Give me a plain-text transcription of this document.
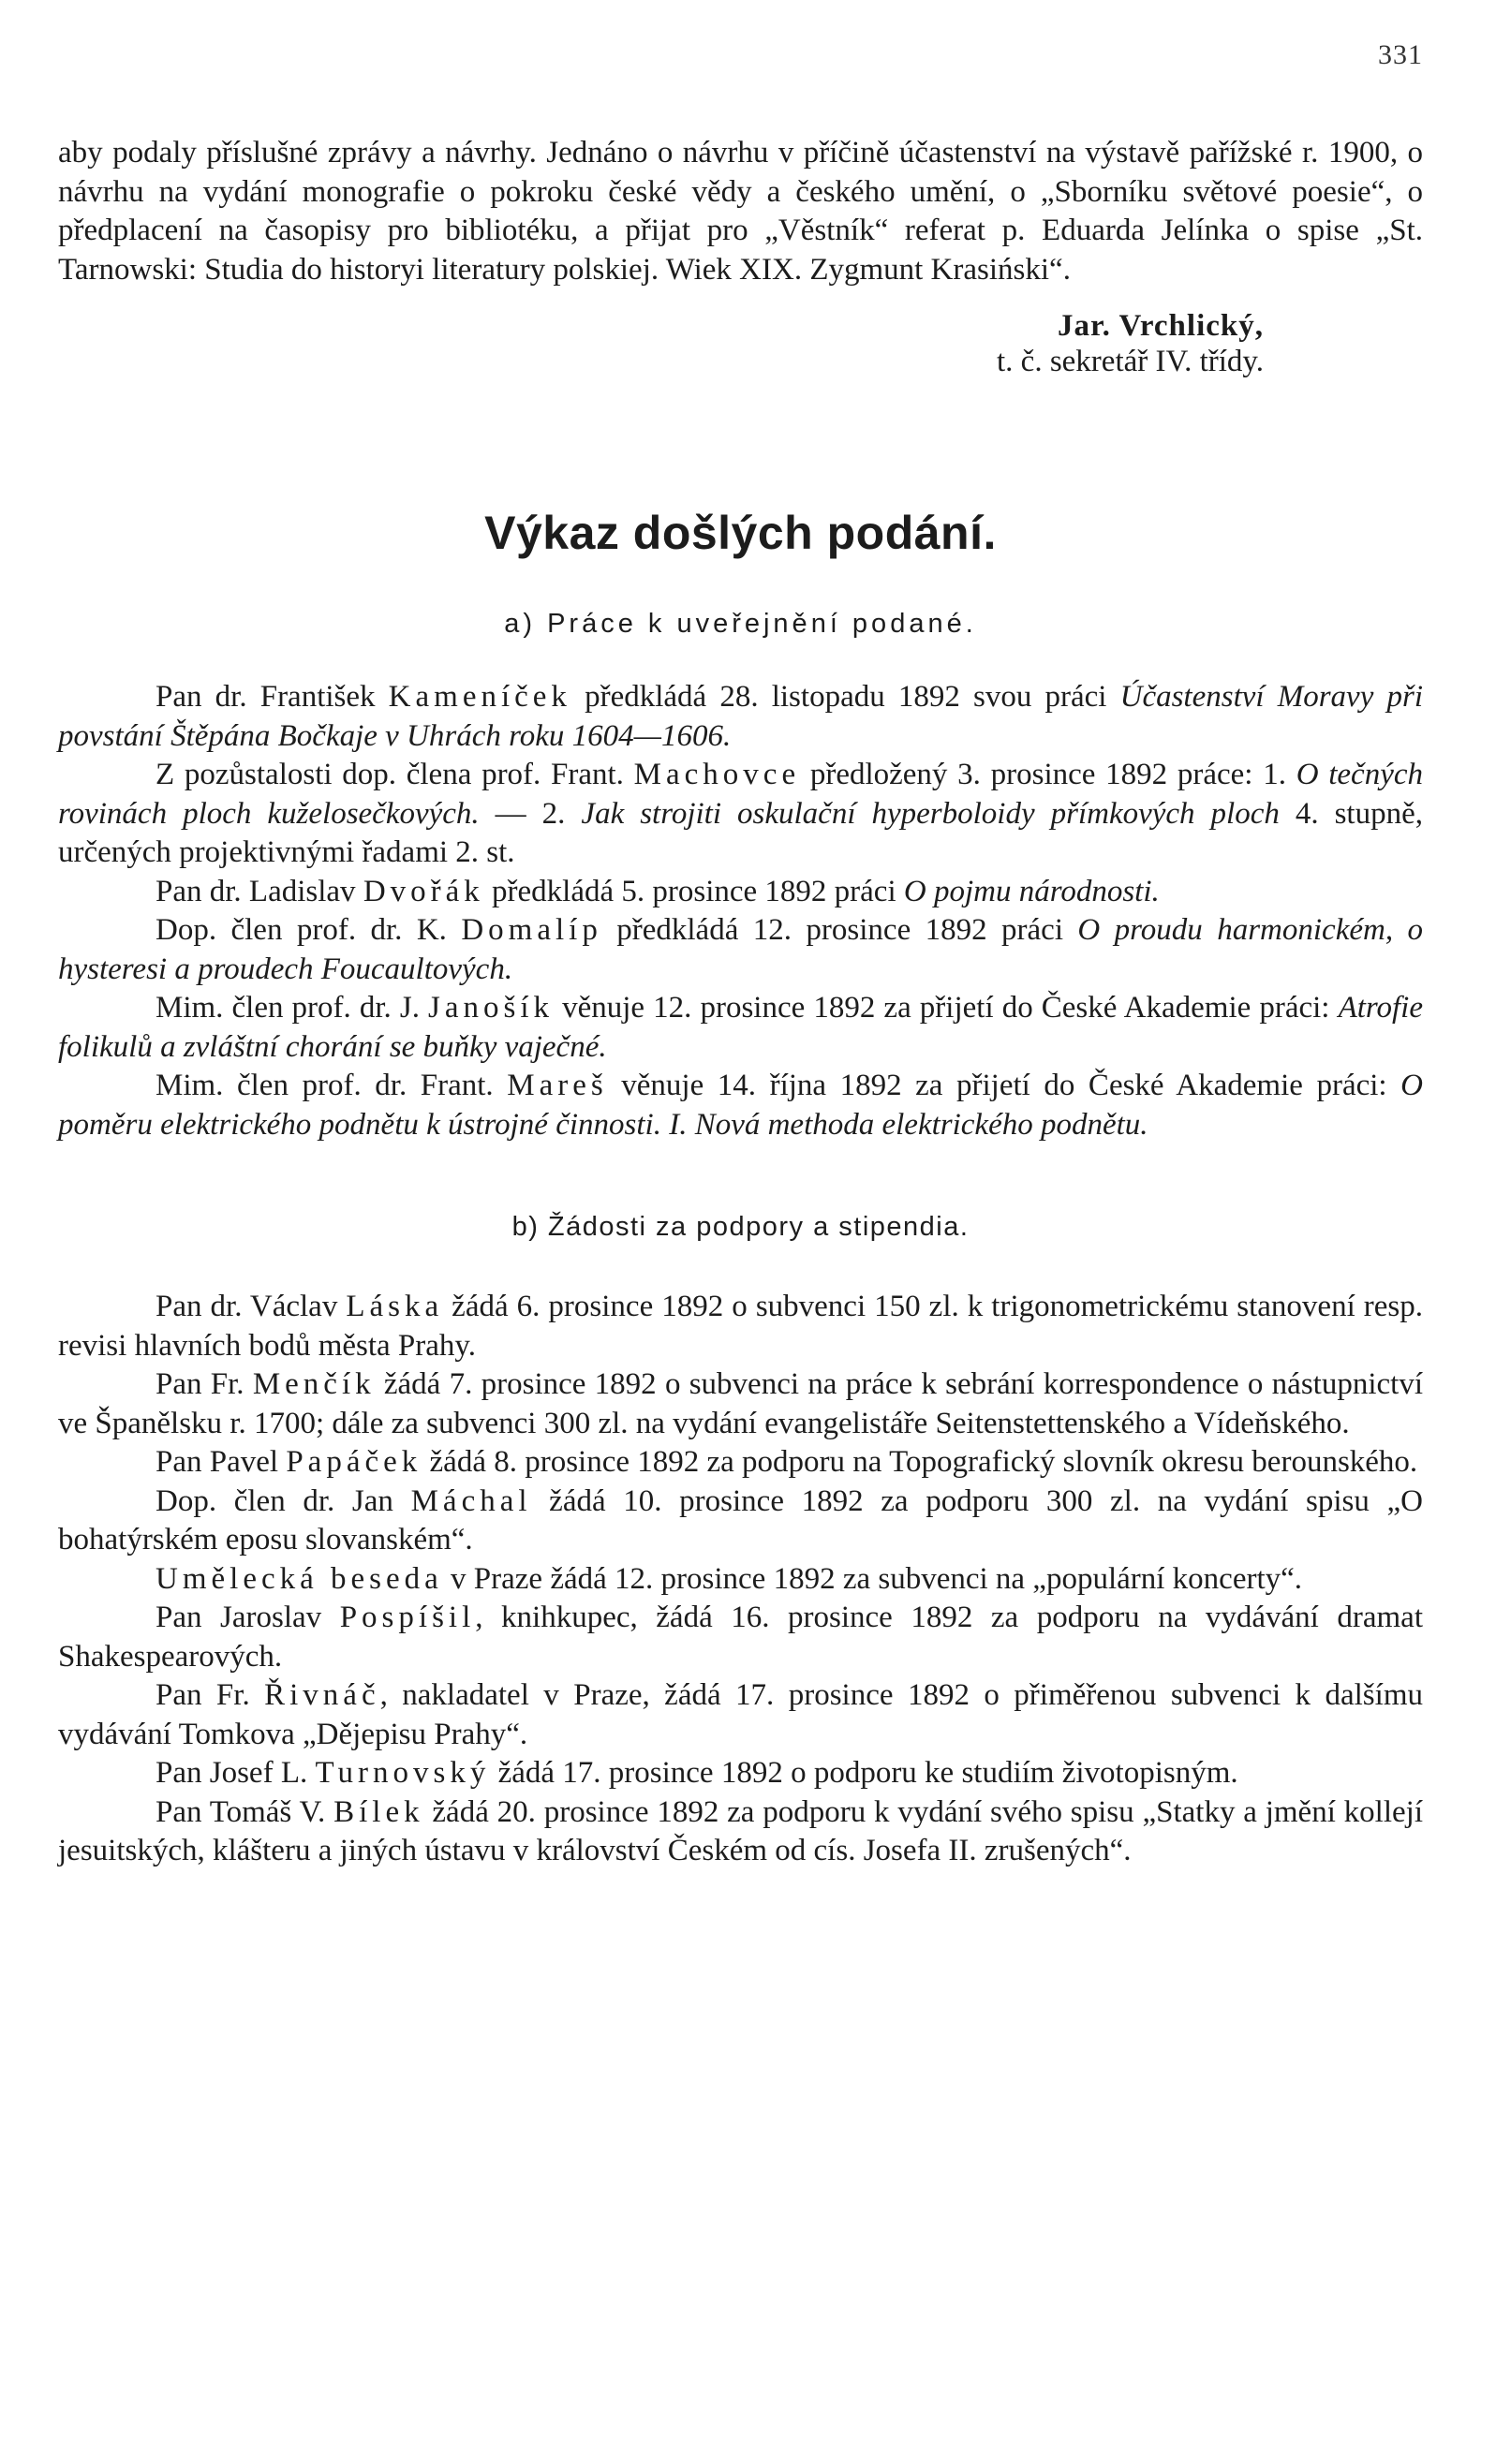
331

aby podaly příslušné zprávy a návrhy. Jednáno o návrhu v příčině účastenství na výstavě pařížské r. 1900, o návrhu na vydání monografie o pokroku české vědy a českého umění, o „Sborníku světové poesie“, o předplacení na časopisy pro bibliotéku, a přijat pro „Věstník“ referat p. Eduarda Jelínka o spise „St. Tarnowski: Studia do historyi literatury polskiej. Wiek XIX. Zygmunt Krasiński“.

Jar. Vrchlický,
t. č. sekretář IV. třídy.
Výkaz došlých podání.
a) Práce k uveřejnění podané.

Pan dr. František Kameníček předkládá 28. listopadu 1892 svou práci Účastenství Moravy při povstání Štěpána Bočkaje v Uhrách roku 1604—1606.

Z pozůstalosti dop. člena prof. Frant. Machovce předložený 3. prosince 1892 práce: 1. O tečných rovinách ploch kuželosečkových. — 2. Jak strojiti oskulační hyperboloidy přímkových ploch 4. stupně, určených projektivnými řadami 2. st.

Pan dr. Ladislav Dvořák předkládá 5. prosince 1892 práci O pojmu národnosti.

Dop. člen prof. dr. K. Domalíp předkládá 12. prosince 1892 práci O proudu harmonickém, o hysteresi a proudech Foucaultových.

Mim. člen prof. dr. J. Janošík věnuje 12. prosince 1892 za přijetí do České Akademie práci: Atrofie folikulů a zvláštní chorání se buňky vaječné.

Mim. člen prof. dr. Frant. Mareš věnuje 14. října 1892 za přijetí do České Akademie práci: O poměru elektrického podnětu k ústrojné činnosti. I. Nová methoda elektrického podnětu.

b) Žádosti za podpory a stipendia.

Pan dr. Václav Láska žádá 6. prosince 1892 o subvenci 150 zl. k trigonometrickému stanovení resp. revisi hlavních bodů města Prahy.

Pan Fr. Menčík žádá 7. prosince 1892 o subvenci na práce k sebrání korrespondence o nástupnictví ve Španělsku r. 1700; dále za subvenci 300 zl. na vydání evangelistáře Seitenstettenského a Vídeňského.

Pan Pavel Papáček žádá 8. prosince 1892 za podporu na Topografický slovník okresu berounského.

Dop. člen dr. Jan Máchal žádá 10. prosince 1892 za podporu 300 zl. na vydání spisu „O bohatýrském eposu slovanském“.

Umělecká beseda v Praze žádá 12. prosince 1892 za subvenci na „populární koncerty“.

Pan Jaroslav Pospíšil, knihkupec, žádá 16. prosince 1892 za podporu na vydávání dramat Shakespearových.

Pan Fr. Řivnáč, nakladatel v Praze, žádá 17. prosince 1892 o přiměřenou subvenci k dalšímu vydávání Tomkova „Dějepisu Prahy“.

Pan Josef L. Turnovský žádá 17. prosince 1892 o podporu ke studiím životopisným.

Pan Tomáš V. Bílek žádá 20. prosince 1892 za podporu k vydání svého spisu „Statky a jmění kollejí jesuitských, klášteru a jiných ústavu v království Českém od cís. Josefa II. zrušených“.
